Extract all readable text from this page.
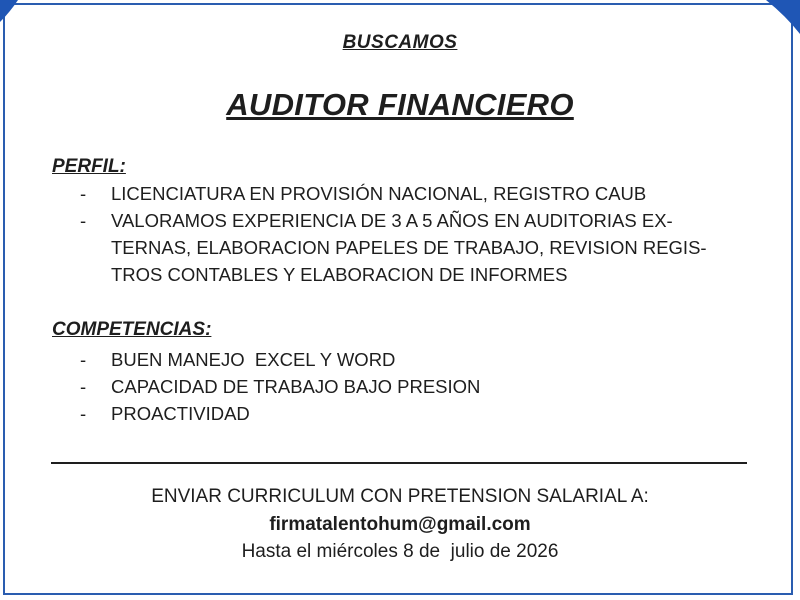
BUSCAMOS
AUDITOR FINANCIERO
PERFIL:
- LICENCIATURA EN PROVISIÓN NACIONAL, REGISTRO CAUB
- VALORAMOS EXPERIENCIA DE 3 A 5 AÑOS EN AUDITORIAS EX-
TERNAS, ELABORACION PAPELES DE TRABAJO, REVISION REGIS-
TROS CONTABLES Y ELABORACION DE INFORMES
COMPETENCIAS:
- BUEN MANEJO  EXCEL Y WORD
- CAPACIDAD DE TRABAJO BAJO PRESION
- PROACTIVIDAD
ENVIAR CURRICULUM CON PRETENSION SALARIAL A:
firmatalentohum@gmail.com
Hasta el miércoles 8 de  julio de 2026
